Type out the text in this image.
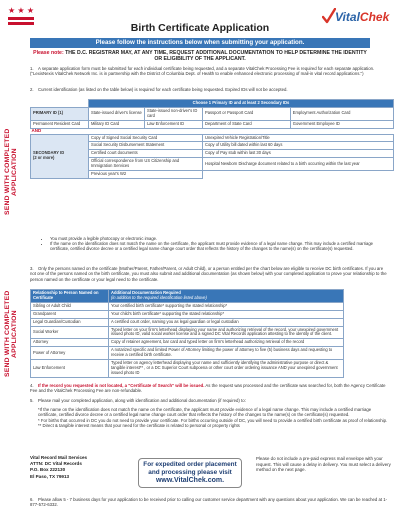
★ ★ ★
Birth Certificate Application
VitalChek
Please follow the instructions below when submitting your application.
Please note: THE D.C. REGISTRAR MAY, AT ANY TIME, REQUEST ADDITIONAL DOCUMENTATION TO HELP DETERMINE THE IDENTITY OR ELIGIBILITY OF THE APPLICANT.
1. A separate application form must be submitted for each individual certificate being requested, and a separate VitalChek Processing Fee is required for each separate application. ("LexisNexis VitalChek Network Inc. is in partnership with the District of Columbia Dept. of Health to enable enhanced electronic processing of mail-in vital record applications.")
2. Current identification (as listed on the table below) is required for each certificate being requested. Expired IDs will not be accepted.
SEND WITH COMPLETED APPLICATION
	Choose 1 Primary ID and at least 2 Secondary IDs			
PRIMARY ID (1)	State-issued driver's license	State-issued non-driver's ID card	Passport or Passport Card	Employment Authorization Card
Permanent Resident Card	Military ID Card	Law Enforcement ID	Department of State Card	Government Employee ID
AND				
SECONDARY ID
(2 or more)	Copy of Signed Social Security Card		Unexpired Vehicle Registration/Title	
	Social Security Disbursement Statement		Copy of Utility bill dated within last 60 days	
	Certified court documents		Copy of Pay stub within last 30 days	
	Official correspondence from US Citizenship and Immigration Services		Hospital Newborn Discharge document related to a birth occurring within the last year	
	Previous year's W2			
• You must provide a legible photocopy or electronic image.
• If the name on the identification does not match the name on the certificate, the applicant must provide evidence of a legal name change. This may include a certified marriage certificate, certified divorce decree or a certified legal name change court order that reflects the history of the changes to the name(s) on the certificate(s) requested.
3. Only the persons named on the certificate (Mother/Parent, Father/Parent, or Adult Child), or a person entitled per the chart below are eligible to receive DC birth certificates. If you are not one of the persons named on the birth certificate, you must also submit and additional documentation (as shown below) with your completed application to prove your relationship to the person named on the certificate or your legal need to the certificate.
SEND WITH COMPLETED APPLICATION
Relationship to Person Named on Certificate	Additional Documentation Required
(in addition to the required identification listed above)
Sibling or Adult Child	Your certified birth certificate* supporting the stated relationship*
Grandparent	Your child's birth certificate* supporting the stated relationship*
Legal Guardian/Custodian	A certified court order, naming you as legal guardian or legal custodian
Social Worker	Typed letter on your firm's letterhead displaying your name and authorizing retrieval of the record, your unexpired government issued photo ID, valid social worker license and a signed DC Vital Records application attesting to the identity of the client.
Attorney	Copy of retainer agreement, bar card and typed letter on firm's letterhead authorizing retrieval of the record
Power of Attorney	A notarized specific and limited Power of Attorney limiting the power of attorney to five (5) business days and requesting to receive a certified birth certificate.
Law Enforcement	Typed letter on agency letterhead displaying your name and sufficiently identifying the administrative purpose or direct & tangible interest** , or a DC Superior Court subpoena or other court order ordering issuance AND your unexpired government issued photo ID
4. If the record you requested is not located, a "Certificate of Search" will be issued. As the request was processed and the certificate was searched for, both the Agency Certificate Fee and the VitalChek Processing Fee are non-refundable.
5. Please mail your completed application, along with identification and additional documentation (if required) to:
*If the name on the identification does not match the name on the certificate, the applicant must provide evidence of a legal name change. This may include a certified marriage certificate, certified divorce decree or a certified legal name change court order that reflects the history of the changes to the name(s) on the certificate(s) requested.
* For births that occurred in DC you do not need to provide your certificate. For births occurring outside of DC, you will need to provide a certified birth certificate as proof of relationship.
** Direct & tangible interest means that your need for the certificate is related to personal or property rights
Vital Record Mail Services
ATTN: DC Vital Records
P.O. Box 222130
El Paso, TX 79913
For expedited order placement
and processing please visit
www.VitalChek.com.
Please do not include a pre-paid express mail envelope with your request. This will cause a delay in delivery. You must select a delivery method on the next page.
6. Please allow 5 - 7 business days for your application to be received prior to calling our customer service department with any questions about your application. We can be reached at 1-877-572-6332.
